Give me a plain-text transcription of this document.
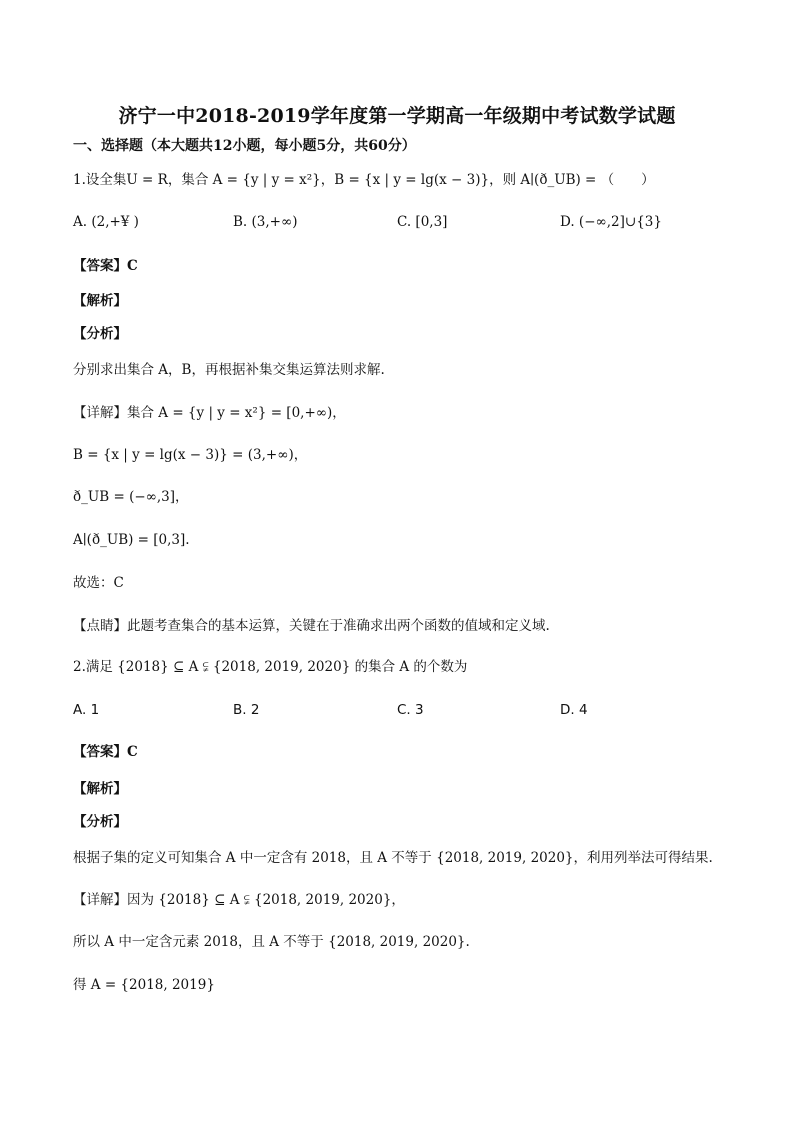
济宁一中2018-2019学年度第一学期高一年级期中考试数学试题
一、选择题（本大题共12小题，每小题5分，共60分）
1.设全集U = R，集合 A = {y | y = x²}，B = {x | y = lg(x − 3)}，则 A∣(ð_UB) = （　　）
A. (2,+¥ )	B. (3,+∞)	C. [0,3]	D. (−∞,2]∪{3}
【答案】C
【解析】
【分析】
分别求出集合 A，B，再根据补集交集运算法则求解.
【详解】集合 A = {y | y = x²} = [0,+∞)，
B = {x | y = lg(x − 3)} = (3,+∞)，
ð_UB = (−∞,3]，
A∣(ð_UB) = [0,3].
故选：C
【点睛】此题考查集合的基本运算，关键在于准确求出两个函数的值域和定义域.
2.满足 {2018} ⊆ A ⫋ {2018, 2019, 2020} 的集合 A 的个数为
A. 1	B. 2	C. 3	D. 4
【答案】C
【解析】
【分析】
根据子集的定义可知集合 A 中一定含有 2018，且 A 不等于 {2018, 2019, 2020}，利用列举法可得结果.
【详解】因为 {2018} ⊆ A ⫋ {2018, 2019, 2020}，
所以 A 中一定含元素 2018，且 A 不等于 {2018, 2019, 2020}.
得 A = {2018, 2019}
